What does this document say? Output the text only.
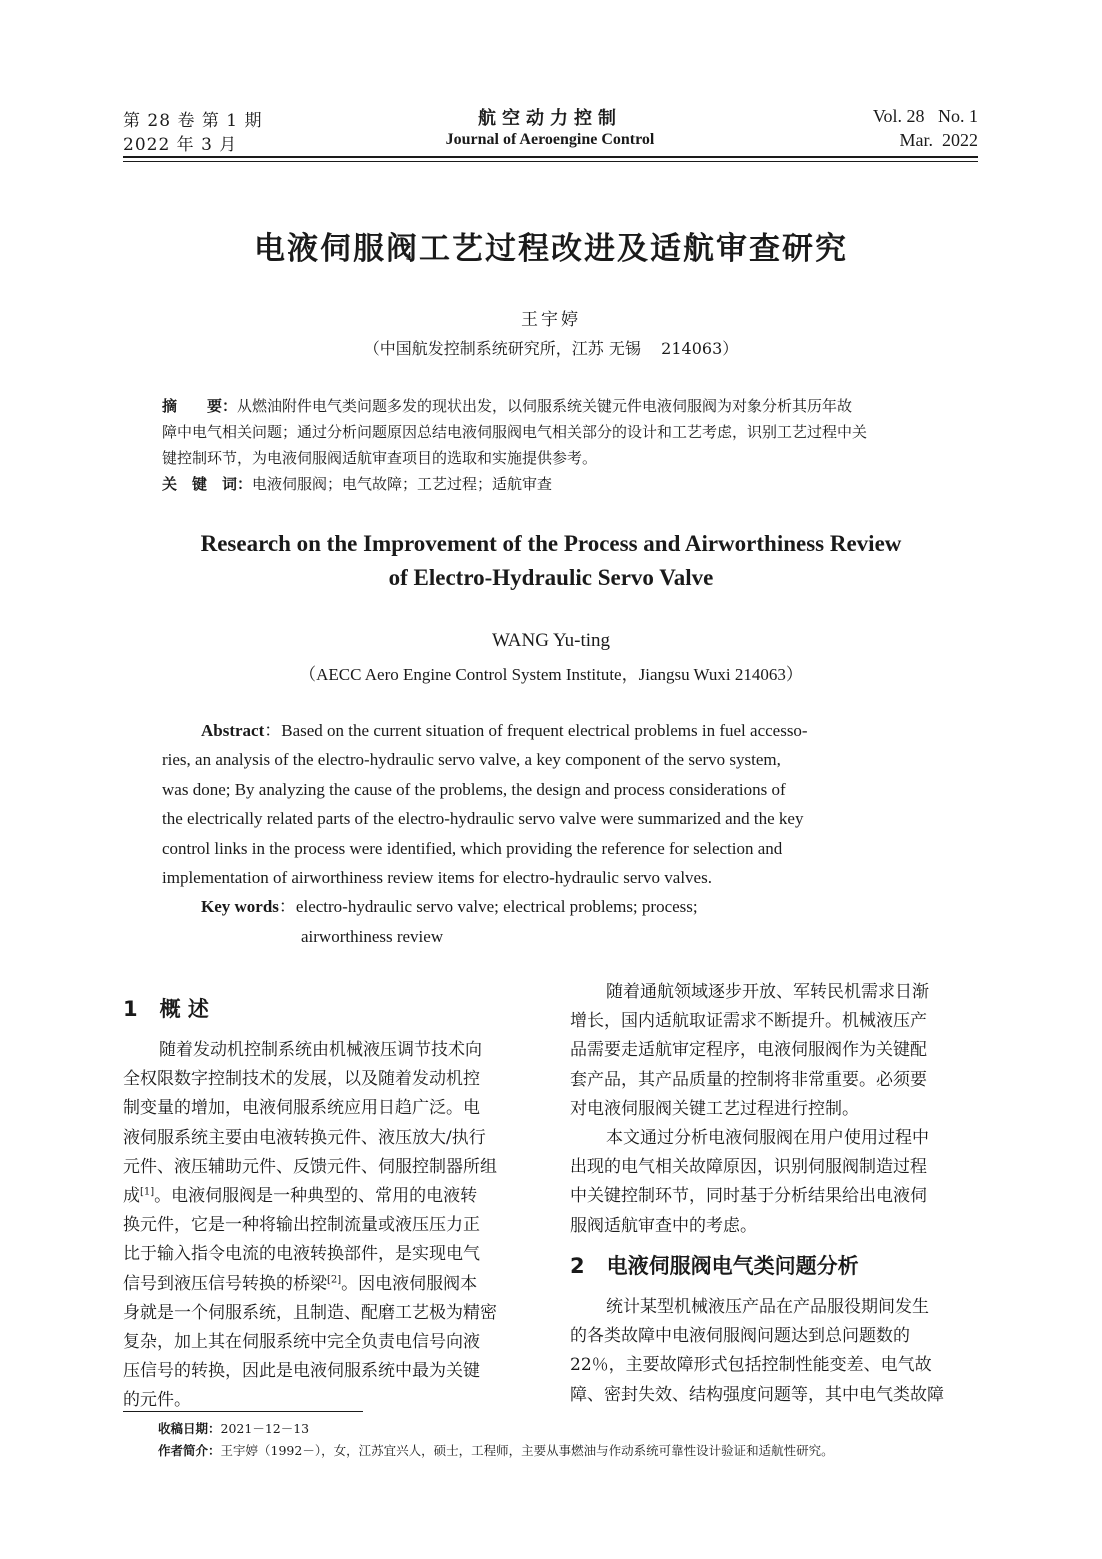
第 28 卷 第 1 期
2022 年 3 月
航空动力控制
Journal of Aeroengine Control
Vol. 28   No. 1
Mar.  2022
电液伺服阀工艺过程改进及适航审查研究
王宇婷
（中国航发控制系统研究所，江苏 无锡    214063）
摘　　要：从燃油附件电气类问题多发的现状出发，以伺服系统关键元件电液伺服阀为对象分析其历年故
障中电气相关问题；通过分析问题原因总结电液伺服阀电气相关部分的设计和工艺考虑，识别工艺过程中关
键控制环节，为电液伺服阀适航审查项目的选取和实施提供参考。
关　键　词：电液伺服阀；电气故障；工艺过程；适航审查
Research on the Improvement of the Process and Airworthiness Review
of Electro-Hydraulic Servo Valve
WANG Yu-ting
（AECC Aero Engine Control System Institute，Jiangsu Wuxi 214063）
Abstract：Based on the current situation of frequent electrical problems in fuel accesso-
ries, an analysis of the electro-hydraulic servo valve, a key component of the servo system,
was done; By analyzing the cause of the problems, the design and process considerations of
the electrically related parts of the electro-hydraulic servo valve were summarized and the key
control links in the process were identified, which providing the reference for selection and
implementation of airworthiness review items for electro-hydraulic servo valves.
Key words：electro-hydraulic servo valve; electrical problems; process;
airworthiness review
1 概 述
随着发动机控制系统由机械液压调节技术向
全权限数字控制技术的发展，以及随着发动机控
制变量的增加，电液伺服系统应用日趋广泛。电
液伺服系统主要由电液转换元件、液压放大/执行
元件、液压辅助元件、反馈元件、伺服控制器所组
成[1]。电液伺服阀是一种典型的、常用的电液转
换元件，它是一种将输出控制流量或液压压力正
比于输入指令电流的电液转换部件，是实现电气
信号到液压信号转换的桥梁[2]。因电液伺服阀本
身就是一个伺服系统，且制造、配磨工艺极为精密
复杂，加上其在伺服系统中完全负责电信号向液
压信号的转换，因此是电液伺服系统中最为关键
的元件。
随着通航领域逐步开放、军转民机需求日渐
增长，国内适航取证需求不断提升。机械液压产
品需要走适航审定程序，电液伺服阀作为关键配
套产品，其产品质量的控制将非常重要。必须要
对电液伺服阀关键工艺过程进行控制。
本文通过分析电液伺服阀在用户使用过程中
出现的电气相关故障原因，识别伺服阀制造过程
中关键控制环节，同时基于分析结果给出电液伺
服阀适航审查中的考虑。
2 电液伺服阀电气类问题分析
统计某型机械液压产品在产品服役期间发生
的各类故障中电液伺服阀问题达到总问题数的
22％，主要故障形式包括控制性能变差、电气故
障、密封失效、结构强度问题等，其中电气类故障
收稿日期：2021－12－13
作者简介：王宇婷（1992－），女，江苏宜兴人，硕士，工程师，主要从事燃油与作动系统可靠性设计验证和适航性研究。
